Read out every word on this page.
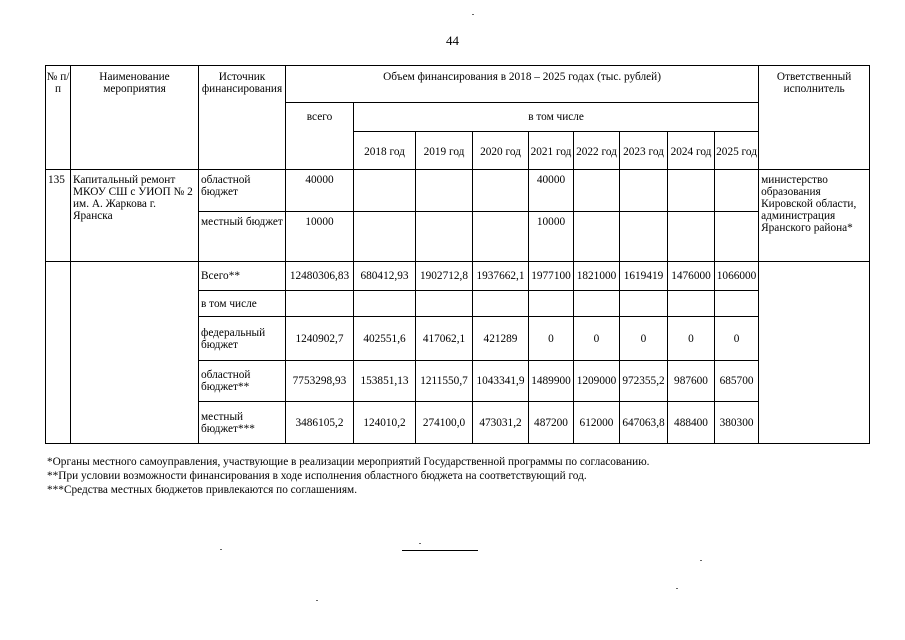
44
№ п/п	Наименование мероприятия	Источник финансирования	Объем финансирования в 2018 – 2025 годах (тыс. рублей)									Ответственный исполнитель
			всего	в том числе								
				2018 год	2019 год	2020 год	2021 год	2022 год	2023 год	2024 год	2025 год	
135	Капитальный ремонт МКОУ СШ с УИОП № 2 им. А. Жаркова г. Яранска	областной бюджет	40000				40000					министерство образования Кировской области, администрация Яранского района*
		местный бюджет	10000				10000					
		Всего**	12480306,83	680412,93	1902712,8	1937662,1	1977100	1821000	1619419	1476000	1066000	
		в том числе										
		федеральный бюджет	1240902,7	402551,6	417062,1	421289	0	0	0	0	0	
		областной бюджет**	7753298,93	153851,13	1211550,7	1043341,9	1489900	1209000	972355,2	987600	685700	
		местный бюджет***	3486105,2	124010,2	274100,0	473031,2	487200	612000	647063,8	488400	380300	
*Органы местного самоуправления, участвующие в реализации мероприятий Государственной программы по согласованию.
**При условии возможности финансирования в ходе исполнения областного бюджета на соответствующий год.
***Средства местных бюджетов привлекаются по соглашениям.
